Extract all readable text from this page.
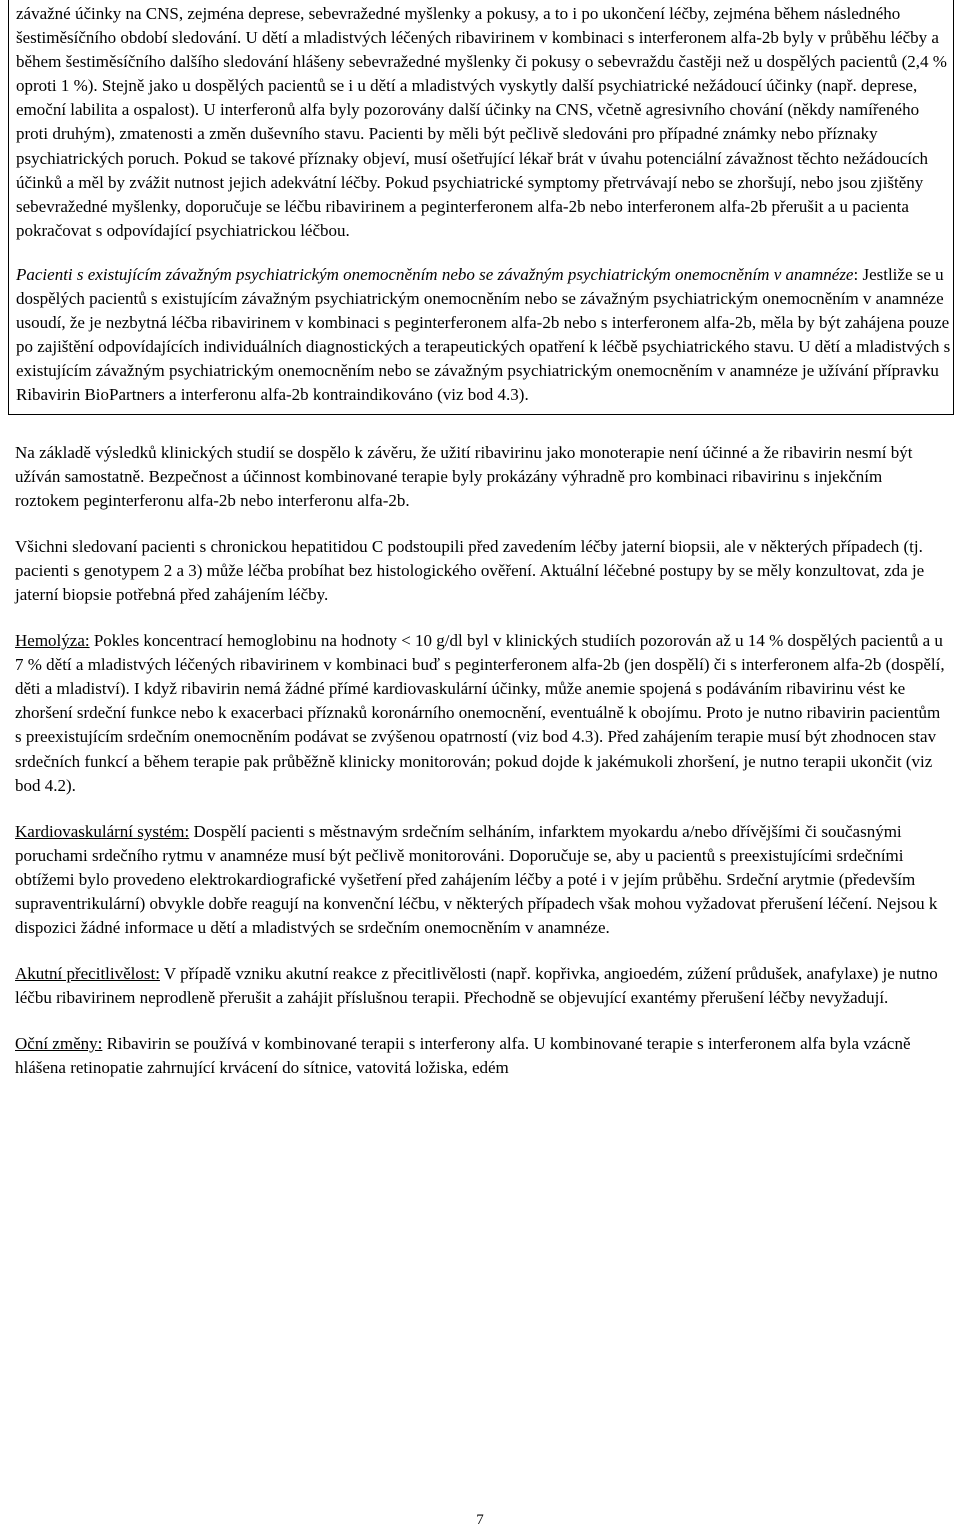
závažné účinky na CNS, zejména deprese, sebevražedné myšlenky a pokusy, a to i po ukončení léčby, zejména během následného šestiměsíčního období sledování. U dětí a mladistvých léčených ribavirinem v kombinaci s interferonem alfa-2b byly v průběhu léčby a během šestiměsíčního dalšího sledování hlášeny sebevražedné myšlenky či pokusy o sebevraždu častěji než u dospělých pacientů (2,4 % oproti 1 %). Stejně jako u dospělých pacientů se i u dětí a mladistvých vyskytly další psychiatrické nežádoucí účinky (např. deprese, emoční labilita a ospalost). U interferonů alfa byly pozorovány další účinky na CNS, včetně agresivního chování (někdy namířeného proti druhým), zmatenosti a změn duševního stavu. Pacienti by měli být pečlivě sledováni pro případné známky nebo příznaky psychiatrických poruch. Pokud se takové příznaky objeví, musí ošetřující lékař brát v úvahu potenciální závažnost těchto nežádoucích účinků a měl by zvážit nutnost jejich adekvátní léčby. Pokud psychiatrické symptomy přetrvávají nebo se zhoršují, nebo jsou zjištěny sebevražedné myšlenky, doporučuje se léčbu ribavirinem a peginterferonem alfa-2b nebo interferonem alfa-2b přerušit a u pacienta pokračovat s odpovídající psychiatrickou léčbou.

Pacienti s existujícím závažným psychiatrickým onemocněním nebo se závažným psychiatrickým onemocněním v anamnéze: Jestliže se u dospělých pacientů s existujícím závažným psychiatrickým onemocněním nebo se závažným psychiatrickým onemocněním v anamnéze usoudí, že je nezbytná léčba ribavirinem v kombinaci s peginterferonem alfa-2b nebo s interferonem alfa-2b, měla by být zahájena pouze po zajištění odpovídajících individuálních diagnostických a terapeutických opatření k léčbě psychiatrického stavu. U dětí a mladistvých s existujícím závažným psychiatrickým onemocněním nebo se závažným psychiatrickým onemocněním v anamnéze je užívání přípravku Ribavirin BioPartners a interferonu alfa-2b kontraindikováno (viz bod 4.3).

Na základě výsledků klinických studií se dospělo k závěru, že užití ribavirinu jako monoterapie není účinné a že ribavirin nesmí být užíván samostatně. Bezpečnost a účinnost kombinované terapie byly prokázány výhradně pro kombinaci ribavirinu s injekčním roztokem peginterferonu alfa-2b nebo interferonu alfa-2b.

Všichni sledovaní pacienti s chronickou hepatitidou C podstoupili před zavedením léčby jaterní biopsii, ale v některých případech (tj. pacienti s genotypem 2 a 3) může léčba probíhat bez histologického ověření. Aktuální léčebné postupy by se měly konzultovat, zda je jaterní biopsie potřebná před zahájením léčby.

Hemolýza: Pokles koncentrací hemoglobinu na hodnoty < 10 g/dl byl v klinických studiích pozorován až u 14 % dospělých pacientů a u 7 % dětí a mladistvých léčených ribavirinem v kombinaci buď s peginterferonem alfa-2b (jen dospělí) či s interferonem alfa-2b (dospělí, děti a mladiství). I když ribavirin nemá žádné přímé kardiovaskulární účinky, může anemie spojená s podáváním ribavirinu vést ke zhoršení srdeční funkce nebo k exacerbaci příznaků koronárního onemocnění, eventuálně k obojímu. Proto je nutno ribavirin pacientům s preexistujícím srdečním onemocněním podávat se zvýšenou opatrností (viz bod 4.3). Před zahájením terapie musí být zhodnocen stav srdečních funkcí a během terapie pak průběžně klinicky monitorován; pokud dojde k jakémukoli zhoršení, je nutno terapii ukončit (viz bod 4.2).

Kardiovaskulární systém: Dospělí pacienti s městnavým srdečním selháním, infarktem myokardu a/nebo dřívějšími či současnými poruchami srdečního rytmu v anamnéze musí být pečlivě monitorováni. Doporučuje se, aby u pacientů s preexistujícími srdečními obtížemi bylo provedeno elektrokardiografické vyšetření před zahájením léčby a poté i v jejím průběhu. Srdeční arytmie (především supraventrikulární) obvykle dobře reagují na konvenční léčbu, v některých případech však mohou vyžadovat přerušení léčení. Nejsou k dispozici žádné informace u dětí a mladistvých se srdečním onemocněním v anamnéze.

Akutní přecitlivělost: V případě vzniku akutní reakce z přecitlivělosti (např. kopřivka, angioedém, zúžení průdušek, anafylaxe) je nutno léčbu ribavirinem neprodleně přerušit a zahájit příslušnou terapii. Přechodně se objevující exantémy přerušení léčby nevyžadují.

Oční změny: Ribavirin se používá v kombinované terapii s interferony alfa. U kombinované terapie s interferonem alfa byla vzácně hlášena retinopatie zahrnující krvácení do sítnice, vatovitá ložiska, edém

7
